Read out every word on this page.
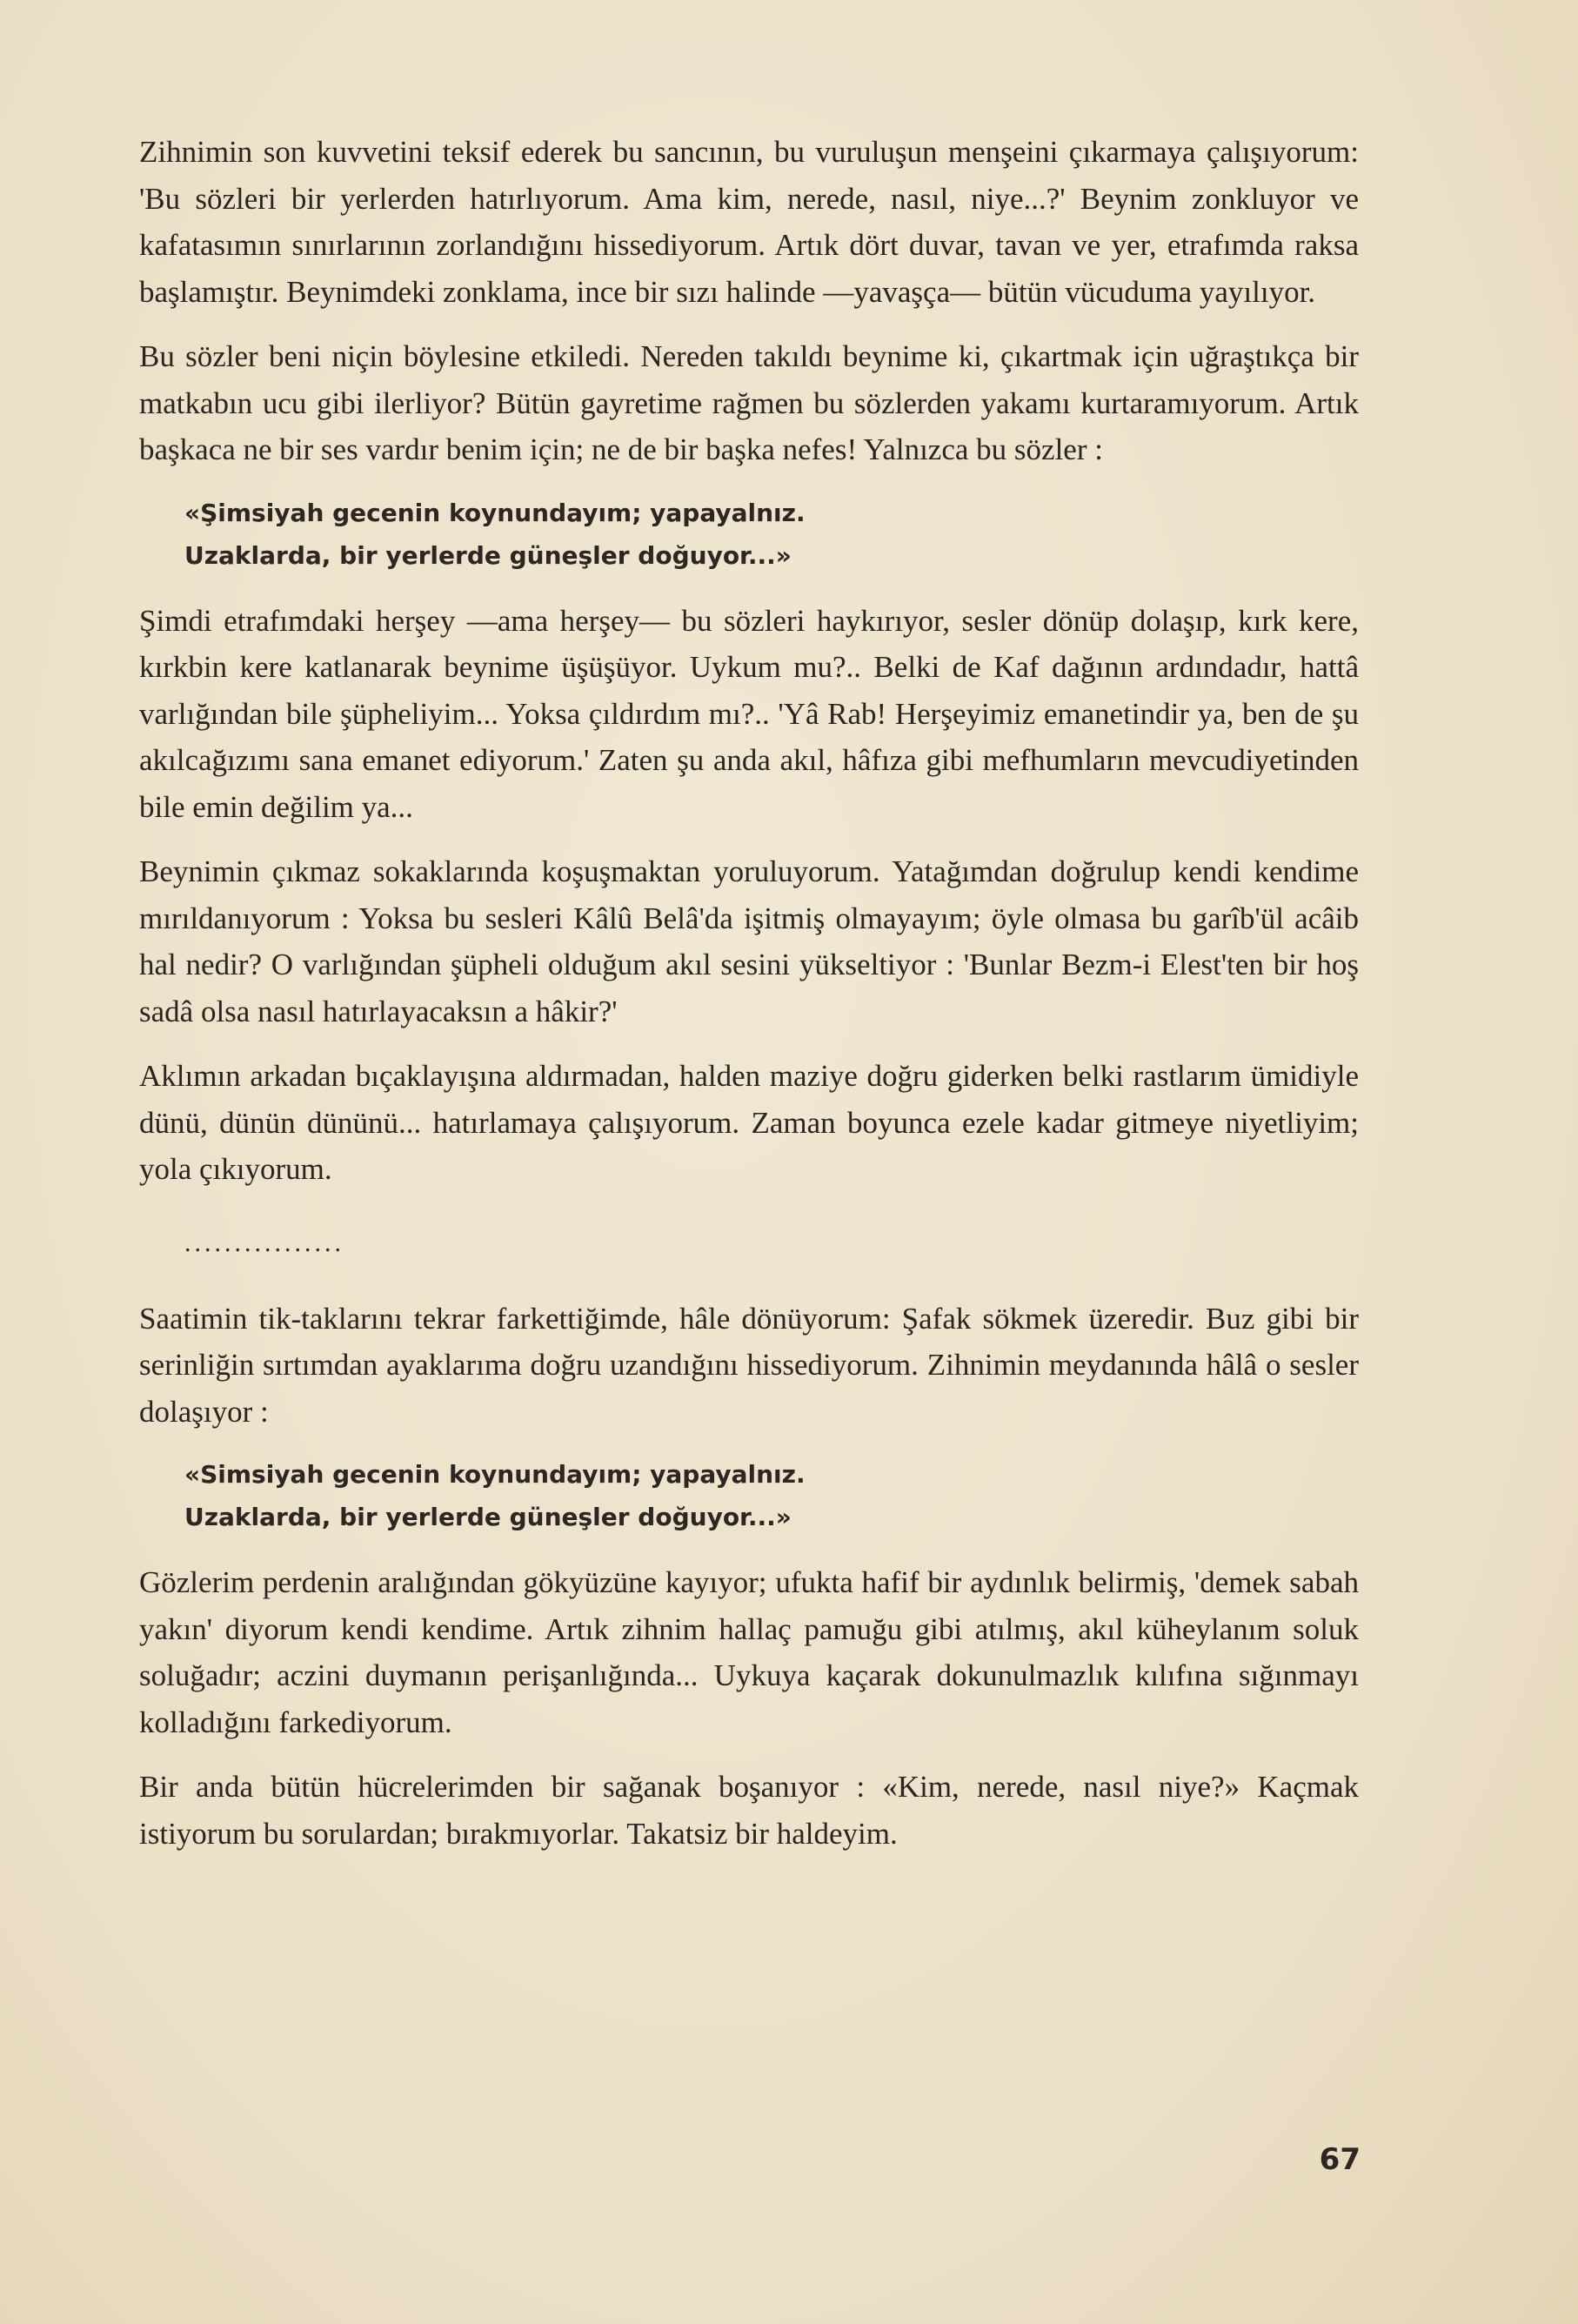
Zihnimin son kuvvetini teksif ederek bu sancının, bu vuruluşun menşeini çıkarmaya çalışıyorum: 'Bu sözleri bir yerlerden hatırlıyorum. Ama kim, nerede, nasıl, niye...?' Beynim zonkluyor ve kafatasımın sınırlarının zorlandığını hissediyorum. Artık dört duvar, tavan ve yer, etrafımda raksa başlamıştır. Beynimdeki zonklama, ince bir sızı halinde —yavaşça— bütün vücuduma yayılıyor.

Bu sözler beni niçin böylesine etkiledi. Nereden takıldı beynime ki, çıkartmak için uğraştıkça bir matkabın ucu gibi ilerliyor? Bütün gayretime rağmen bu sözlerden yakamı kurtaramıyorum. Artık başkaca ne bir ses vardır benim için; ne de bir başka nefes! Yalnızca bu sözler :

«Şimsiyah gecenin koynundayım; yapayalnız.
Uzaklarda, bir yerlerde güneşler doğuyor...»

Şimdi etrafımdaki herşey —ama herşey— bu sözleri haykırıyor, sesler dönüp dolaşıp, kırk kere, kırkbin kere katlanarak beynime üşüşüyor. Uykum mu?.. Belki de Kaf dağının ardındadır, hattâ varlığından bile şüpheliyim... Yoksa çıldırdım mı?.. 'Yâ Rab! Herşeyimiz emanetindir ya, ben de şu akılcağızımı sana emanet ediyorum.' Zaten şu anda akıl, hâfıza gibi mefhumların mevcudiyetinden bile emin değilim ya...

Beynimin çıkmaz sokaklarında koşuşmaktan yoruluyorum. Yatağımdan doğrulup kendi kendime mırıldanıyorum : Yoksa bu sesleri Kâlû Belâ'da işitmiş olmayayım; öyle olmasa bu garîb'ül acâib hal nedir? O varlığından şüpheli olduğum akıl sesini yükseltiyor : 'Bunlar Bezm-i Elest'ten bir hoş sadâ olsa nasıl hatırlayacaksın a hâkir?'

Aklımın arkadan bıçaklayışına aldırmadan, halden maziye doğru giderken belki rastlarım ümidiyle dünü, dünün dününü... hatırlamaya çalışıyorum. Zaman boyunca ezele kadar gitmeye niyetliyim; yola çıkıyorum.

................

Saatimin tik-taklarını tekrar farkettiğimde, hâle dönüyorum: Şafak sökmek üzeredir. Buz gibi bir serinliğin sırtımdan ayaklarıma doğru uzandığını hissediyorum. Zihnimin meydanında hâlâ o sesler dolaşıyor :

«Simsiyah gecenin koynundayım; yapayalnız.
Uzaklarda, bir yerlerde güneşler doğuyor...»

Gözlerim perdenin aralığından gökyüzüne kayıyor; ufukta hafif bir aydınlık belirmiş, 'demek sabah yakın' diyorum kendi kendime. Artık zihnim hallaç pamuğu gibi atılmış, akıl küheylanım soluk soluğadır; aczini duymanın perişanlığında... Uykuya kaçarak dokunulmazlık kılıfına sığınmayı kolladığını farkediyorum.

Bir anda bütün hücrelerimden bir sağanak boşanıyor : «Kim, nerede, nasıl niye?» Kaçmak istiyorum bu sorulardan; bırakmıyorlar. Takatsiz bir haldeyim.

67
